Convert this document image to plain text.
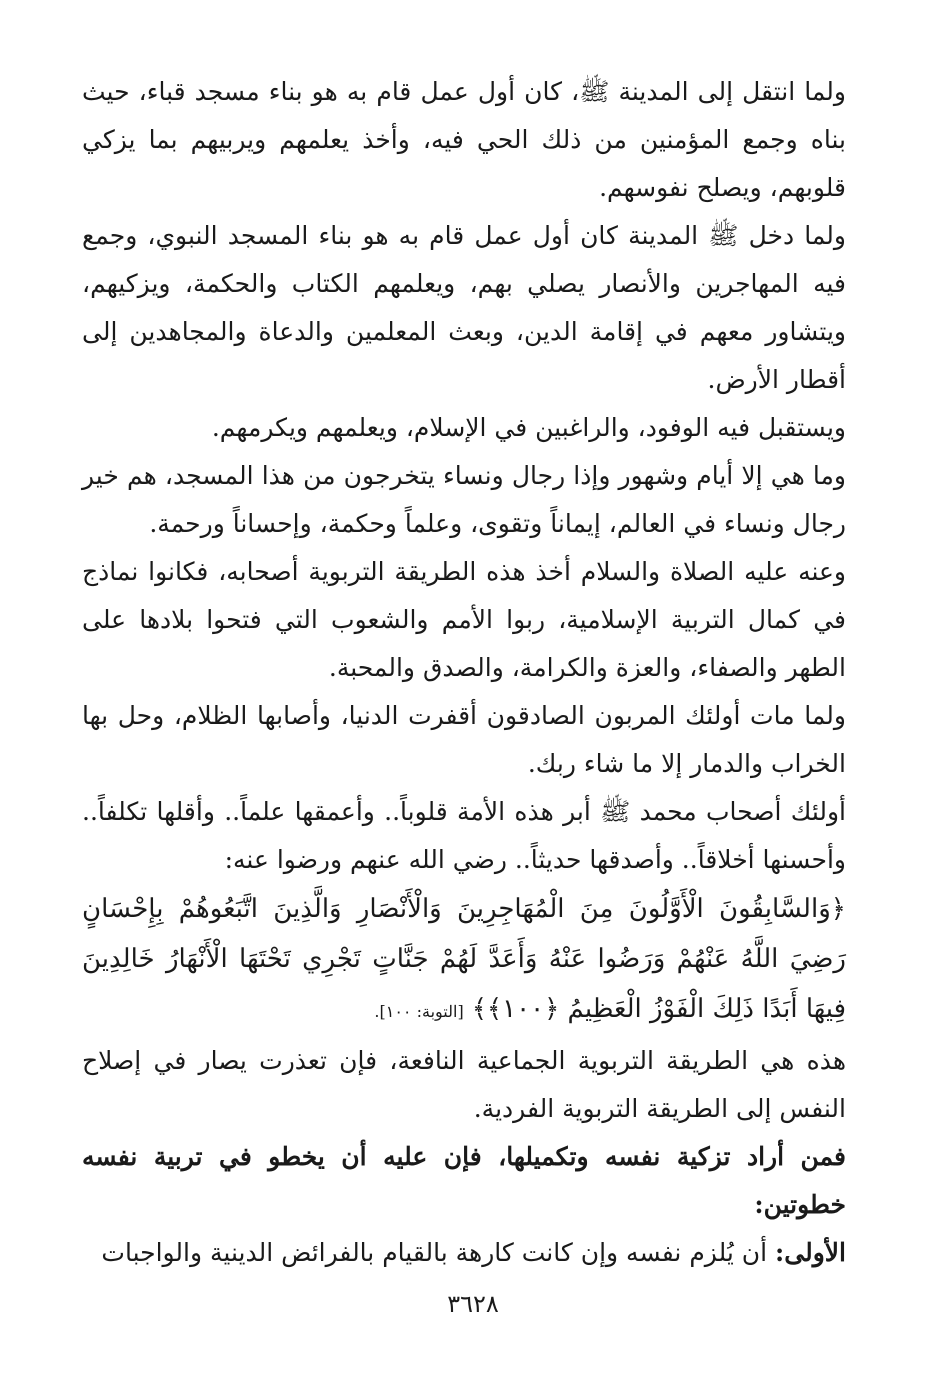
ولما انتقل إلى المدينة ﷺ، كان أول عمل قام به هو بناء مسجد قباء، حيث بناه وجمع المؤمنين من ذلك الحي فيه، وأخذ يعلمهم ويربيهم بما يزكي قلوبهم، ويصلح نفوسهم.

ولما دخل ﷺ المدينة كان أول عمل قام به هو بناء المسجد النبوي، وجمع فيه المهاجرين والأنصار يصلي بهم، ويعلمهم الكتاب والحكمة، ويزكيهم، ويتشاور معهم في إقامة الدين، وبعث المعلمين والدعاة والمجاهدين إلى أقطار الأرض.

ويستقبل فيه الوفود، والراغبين في الإسلام، ويعلمهم ويكرمهم.

وما هي إلا أيام وشهور وإذا رجال ونساء يتخرجون من هذا المسجد، هم خير رجال ونساء في العالم، إيماناً وتقوى، وعلماً وحكمة، وإحساناً ورحمة.

وعنه عليه الصلاة والسلام أخذ هذه الطريقة التربوية أصحابه، فكانوا نماذج في كمال التربية الإسلامية، ربوا الأمم والشعوب التي فتحوا بلادها على الطهر والصفاء، والعزة والكرامة، والصدق والمحبة.

ولما مات أولئك المربون الصادقون أقفرت الدنيا، وأصابها الظلام، وحل بها الخراب والدمار إلا ما شاء ربك.

أولئك أصحاب محمد ﷺ أبر هذه الأمة قلوباً.. وأعمقها علماً.. وأقلها تكلفاً.. وأحسنها أخلاقاً.. وأصدقها حديثاً.. رضي الله عنهم ورضوا عنه:

﴿وَالسَّابِقُونَ الْأَوَّلُونَ مِنَ الْمُهَاجِرِينَ وَالْأَنْصَارِ وَالَّذِينَ اتَّبَعُوهُمْ بِإِحْسَانٍ رَضِيَ اللَّهُ عَنْهُمْ وَرَضُوا عَنْهُ وَأَعَدَّ لَهُمْ جَنَّاتٍ تَجْرِي تَحْتَهَا الْأَنْهَارُ خَالِدِينَ فِيهَا أَبَدًا ذَلِكَ الْفَوْزُ الْعَظِيمُ ﴿١٠٠﴾﴾[التوبة: ١٠٠].

هذه هي الطريقة التربوية الجماعية النافعة، فإن تعذرت يصار في إصلاح النفس إلى الطريقة التربوية الفردية.

فمن أراد تزكية نفسه وتكميلها، فإن عليه أن يخطو في تربية نفسه خطوتين:

الأولى: أن يُلزم نفسه وإن كانت كارهة بالقيام بالفرائض الدينية والواجبات

٣٦٢٨
